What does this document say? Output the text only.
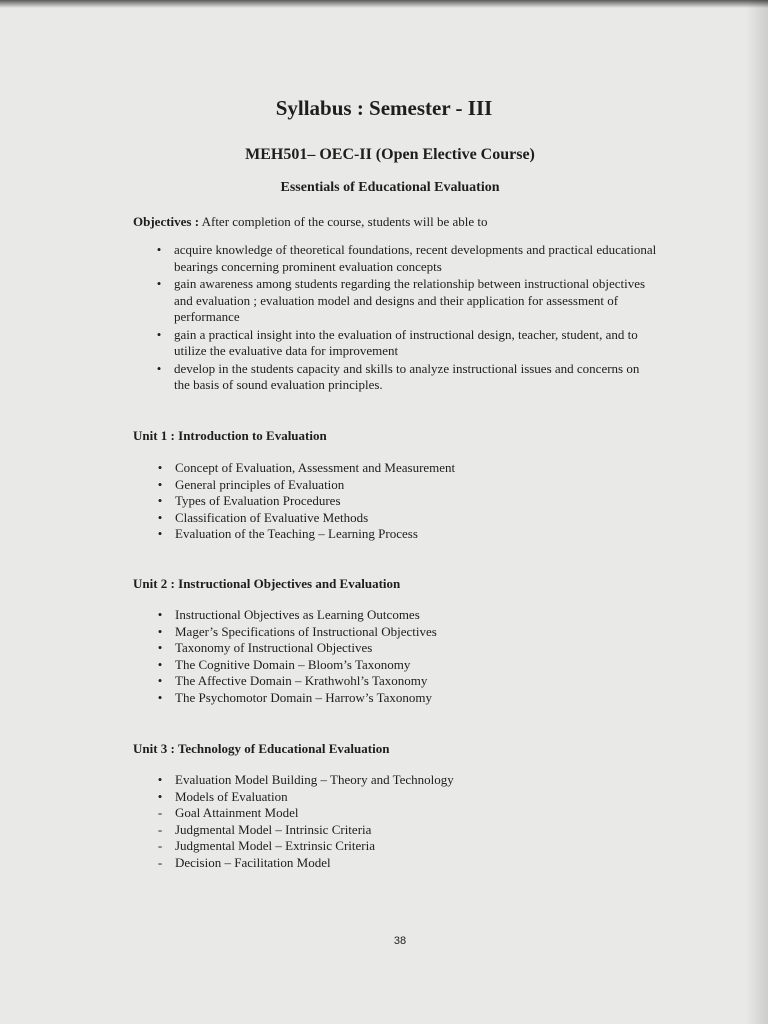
Syllabus : Semester - III
MEH501– OEC-II (Open Elective Course)
Essentials of Educational Evaluation
Objectives : After completion of the course, students will be able to
• acquire knowledge of theoretical foundations, recent developments and practical educational bearings concerning prominent evaluation concepts
• gain awareness among students regarding the relationship between instructional objectives and evaluation ; evaluation model and designs and their application for assessment of performance
• gain a practical insight into the evaluation of instructional design, teacher, student, and to utilize the evaluative data for improvement
• develop in the students capacity and skills to analyze instructional issues and concerns on the basis of sound evaluation principles.
Unit 1 : Introduction to Evaluation
• Concept of Evaluation, Assessment and Measurement
• General principles of Evaluation
• Types of Evaluation Procedures
• Classification of Evaluative Methods
• Evaluation of the Teaching – Learning Process
Unit 2 : Instructional Objectives and Evaluation
• Instructional Objectives as Learning Outcomes
• Mager’s Specifications of Instructional Objectives
• Taxonomy of Instructional Objectives
• The Cognitive Domain – Bloom’s Taxonomy
• The Affective Domain – Krathwohl’s Taxonomy
• The Psychomotor Domain – Harrow’s Taxonomy
Unit 3 : Technology of Educational Evaluation
• Evaluation Model Building – Theory and Technology
• Models of Evaluation
- Goal Attainment Model
- Judgmental Model – Intrinsic Criteria
- Judgmental Model – Extrinsic Criteria
- Decision – Facilitation Model
38
